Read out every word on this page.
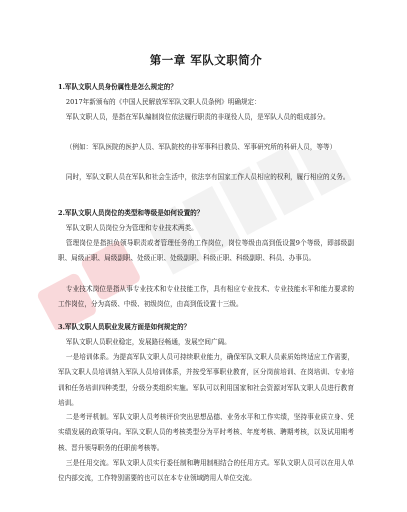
第一章 军队文职简介

1.军队文职人员身份属性是怎么规定的？

2017年新颁布的《中国人民解放军军队文职人员条例》明确规定：

军队文职人员，是指在军队编制岗位依法履行职责的非现役人员，是军队人员的组成部分。

（例如：军队医院的医护人员、军队院校的非军事科目教员、军事研究所的科研人员，等等）

同时，军队文职人员在军队和社会生活中，依法享有国家工作人员相应的权利，履行相应的义务。

2.军队文职人员岗位的类型和等级是如何设置的？

军队文职人员岗位分为管理和专业技术两类。

管理岗位是指担负领导职责或者管理任务的工作岗位，岗位等级由高到低设置9个等级，即部级副职、局级正职、局级副职、处级正职、处级副职、科级正职、科级副职、科员、办事员。

专业技术岗位是指从事专业技术和专业技能工作，具有相应专业技术、专业技能水平和能力要求的工作岗位，分为高级、中级、初级岗位，由高到低设置十三级。

3.军队文职人员职业发展方面是如何规定的？

军队文职人员职业稳定，发展路径畅通，发展空间广阔。

一是培训体系。为提高军队文职人员可持续职业能力，确保军队文职人员素质始终适应工作需要，军队文职人员培训纳入军队人员培训体系，并按受军事职业教育，区分岗前培训、在岗培训、专业培训和任务培训四种类型，分级分类组织实施。军队可以利用国家和社会资源对军队文职人员进行教育培训。

二是考评机制。军队文职人员考核评价突出思想品德、业务水平和工作实绩，坚持事业质立身、凭实绩发展的政策导向。军队文职人员的考核类型分为平时考核、年度考核、聘期考核，以及试用期考核、晋升领导职务的任职前考核等。

三是任用交流。军队文职人员实行委任制和聘用制相结合的任用方式。军队文职人员可以在用人单位内部交流，工作特别需要的也可以在本专业领域跨用人单位交流。
